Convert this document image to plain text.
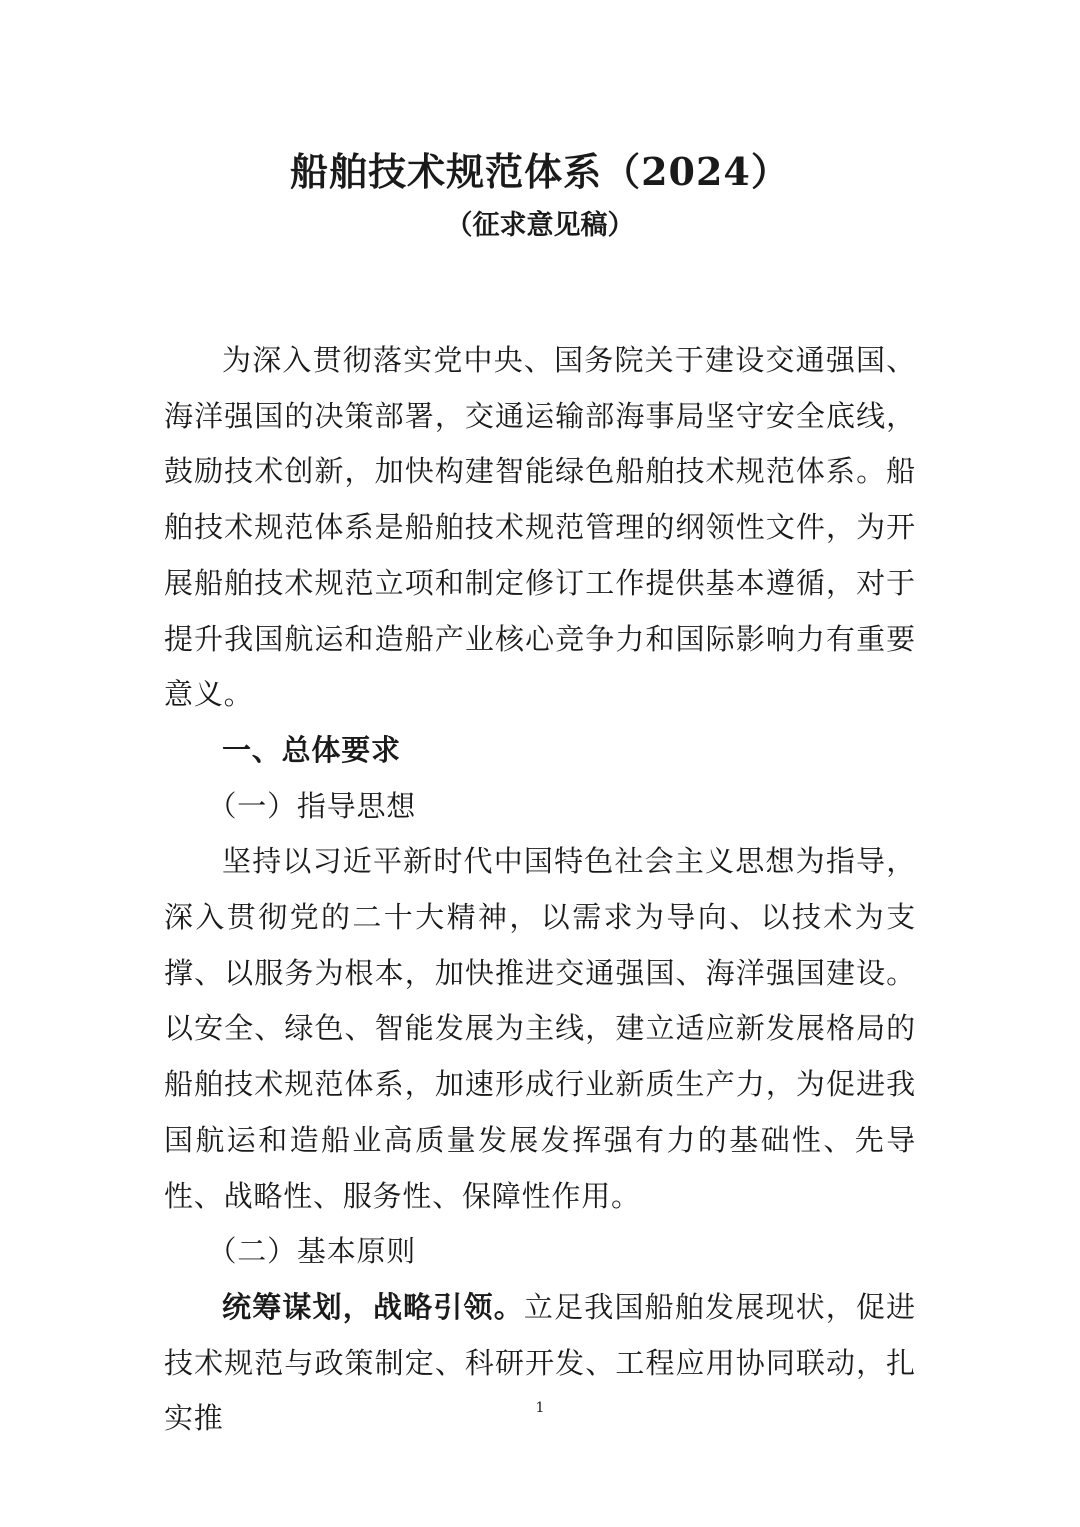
船舶技术规范体系（2024）

（征求意见稿）

为深入贯彻落实党中央、国务院关于建设交通强国、海洋强国的决策部署，交通运输部海事局坚守安全底线，鼓励技术创新，加快构建智能绿色船舶技术规范体系。船舶技术规范体系是船舶技术规范管理的纲领性文件，为开展船舶技术规范立项和制定修订工作提供基本遵循，对于提升我国航运和造船产业核心竞争力和国际影响力有重要意义。

一、总体要求

（一）指导思想

坚持以习近平新时代中国特色社会主义思想为指导，深入贯彻党的二十大精神，以需求为导向、以技术为支撑、以服务为根本，加快推进交通强国、海洋强国建设。以安全、绿色、智能发展为主线，建立适应新发展格局的船舶技术规范体系，加速形成行业新质生产力，为促进我国航运和造船业高质量发展发挥强有力的基础性、先导性、战略性、服务性、保障性作用。

（二）基本原则

统筹谋划，战略引领。立足我国船舶发展现状，促进技术规范与政策制定、科研开发、工程应用协同联动，扎实推	1
